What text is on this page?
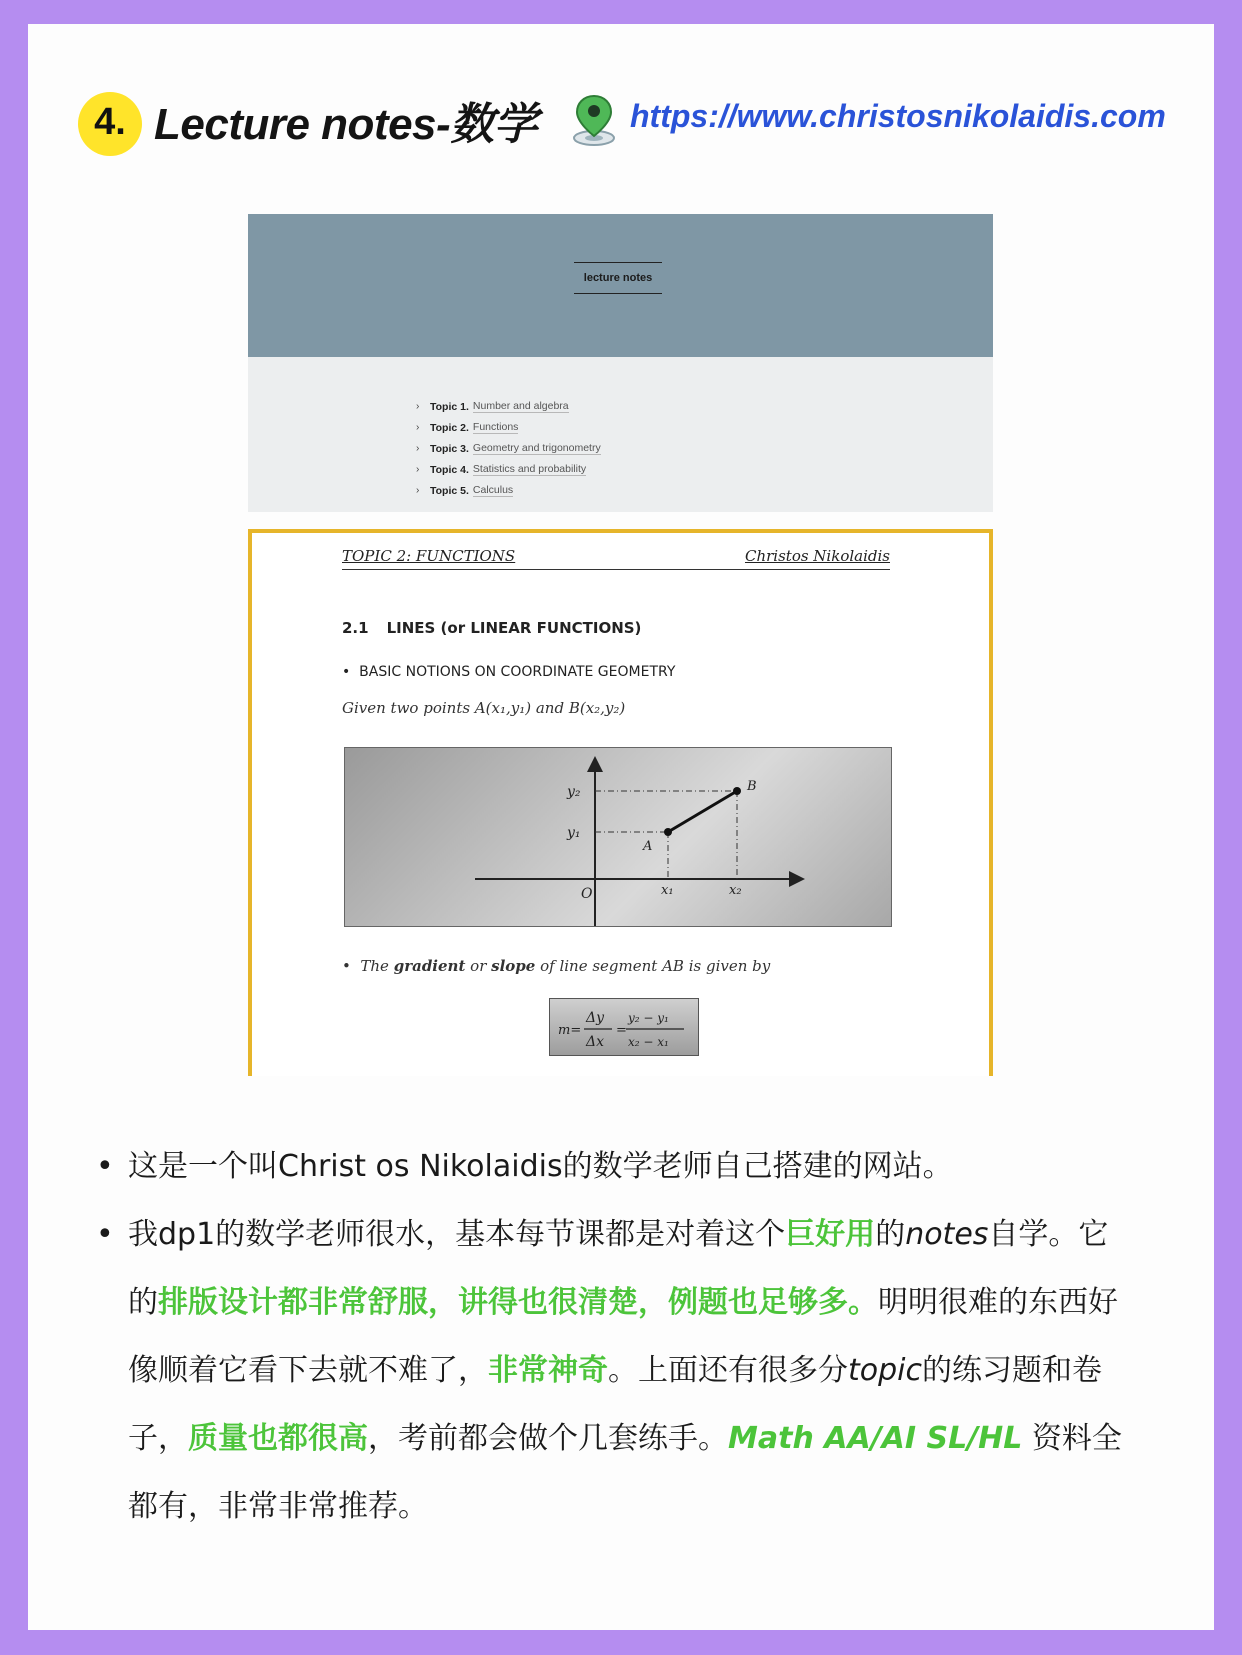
4. Lecture notes-数学	https://www.christosnikolaidis.com
lecture notes
›	Topic 1. Number and algebra
›	Topic 2. Functions
›	Topic 3. Geometry and trigonometry
›	Topic 4. Statistics and probability
›	Topic 5. Calculus
TOPIC 2: FUNCTIONS	Christos Nikolaidis
2.1 LINES (or LINEAR FUNCTIONS)
•  BASIC NOTIONS ON COORDINATE GEOMETRY
Given two points A(x₁,y₁) and B(x₂,y₂)
y₂
y₁
A
B
O	x₁	x₂
•  The gradient or slope of line segment AB is given by
m=
Δy
Δx
=
y₂ − y₁
x₂ − x₁
• 这是一个叫Christ os Nikolaidis的数学老师自己搭建的网站。
• 我dp1的数学老师很水，基本每节课都是对着这个巨好用的notes自学。它的排版设计都非常舒服，讲得也很清楚，例题也足够多。明明很难的东西好像顺着它看下去就不难了，非常神奇。上面还有很多分topic的练习题和卷子，质量也都很高，考前都会做个几套练手。Math AA/AI SL/HL 资料全都有，非常非常推荐。
